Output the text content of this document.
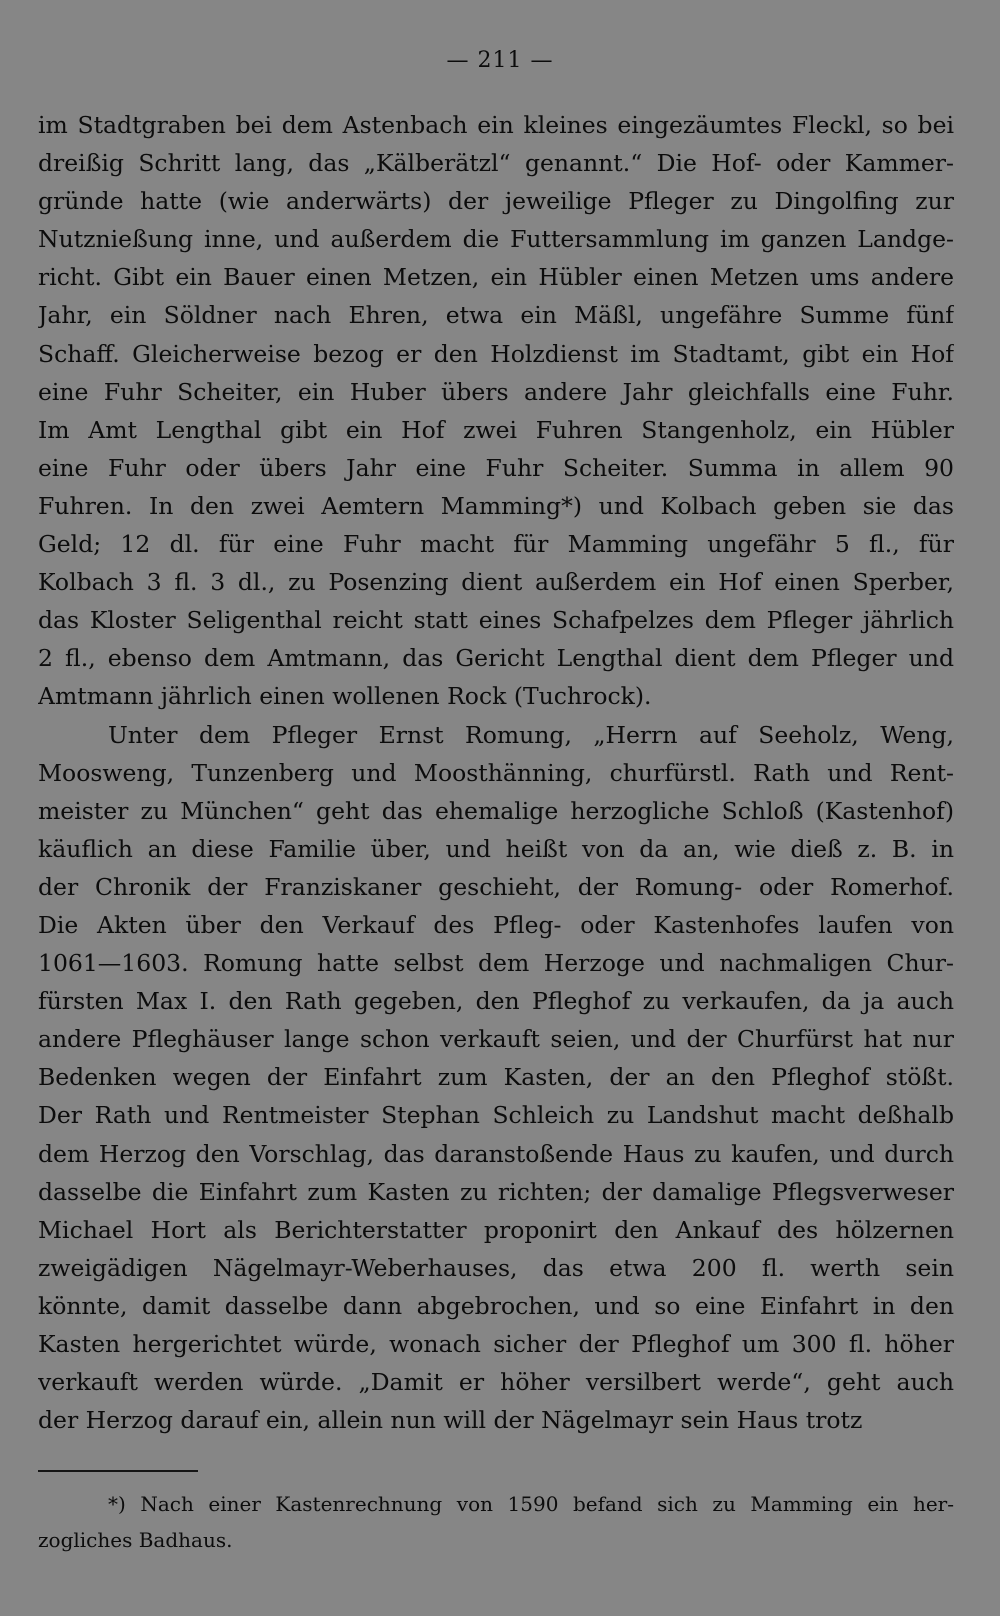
— 211 —
im Stadtgraben bei dem Astenbach ein kleines eingezäumtes Fleckl, so bei
dreißig Schritt lang, das „Kälberätzl“ genannt.“ Die Hof- oder Kammer-
gründe hatte (wie anderwärts) der jeweilige Pfleger zu Dingolfing zur
Nutznießung inne, und außerdem die Futtersammlung im ganzen Landge-
richt. Gibt ein Bauer einen Metzen, ein Hübler einen Metzen ums andere
Jahr, ein Söldner nach Ehren, etwa ein Mäßl, ungefähre Summe fünf
Schaff. Gleicherweise bezog er den Holzdienst im Stadtamt, gibt ein Hof
eine Fuhr Scheiter, ein Huber übers andere Jahr gleichfalls eine Fuhr.
Im Amt Lengthal gibt ein Hof zwei Fuhren Stangenholz, ein Hübler
eine Fuhr oder übers Jahr eine Fuhr Scheiter. Summa in allem 90
Fuhren. In den zwei Aemtern Mamming*) und Kolbach geben sie das
Geld; 12 dl. für eine Fuhr macht für Mamming ungefähr 5 fl., für
Kolbach 3 fl. 3 dl., zu Posenzing dient außerdem ein Hof einen Sperber,
das Kloster Seligenthal reicht statt eines Schafpelzes dem Pfleger jährlich
2 fl., ebenso dem Amtmann, das Gericht Lengthal dient dem Pfleger und
Amtmann jährlich einen wollenen Rock (Tuchrock).
Unter dem Pfleger Ernst Romung, „Herrn auf Seeholz, Weng,
Moosweng, Tunzenberg und Moosthänning, churfürstl. Rath und Rent-
meister zu München“ geht das ehemalige herzogliche Schloß (Kastenhof)
käuflich an diese Familie über, und heißt von da an, wie dieß z. B. in
der Chronik der Franziskaner geschieht, der Romung- oder Romerhof.
Die Akten über den Verkauf des Pfleg- oder Kastenhofes laufen von
1061—1603. Romung hatte selbst dem Herzoge und nachmaligen Chur-
fürsten Max I. den Rath gegeben, den Pfleghof zu verkaufen, da ja auch
andere Pfleghäuser lange schon verkauft seien, und der Churfürst hat nur
Bedenken wegen der Einfahrt zum Kasten, der an den Pfleghof stößt.
Der Rath und Rentmeister Stephan Schleich zu Landshut macht deßhalb
dem Herzog den Vorschlag, das daranstoßende Haus zu kaufen, und durch
dasselbe die Einfahrt zum Kasten zu richten; der damalige Pflegsverweser
Michael Hort als Berichterstatter proponirt den Ankauf des hölzernen
zweigädigen Nägelmayr-Weberhauses, das etwa 200 fl. werth sein
könnte, damit dasselbe dann abgebrochen, und so eine Einfahrt in den
Kasten hergerichtet würde, wonach sicher der Pfleghof um 300 fl. höher
verkauft werden würde. „Damit er höher versilbert werde“, geht auch
der Herzog darauf ein, allein nun will der Nägelmayr sein Haus trotz
*) Nach einer Kastenrechnung von 1590 befand sich zu Mamming ein her-
zogliches Badhaus.
